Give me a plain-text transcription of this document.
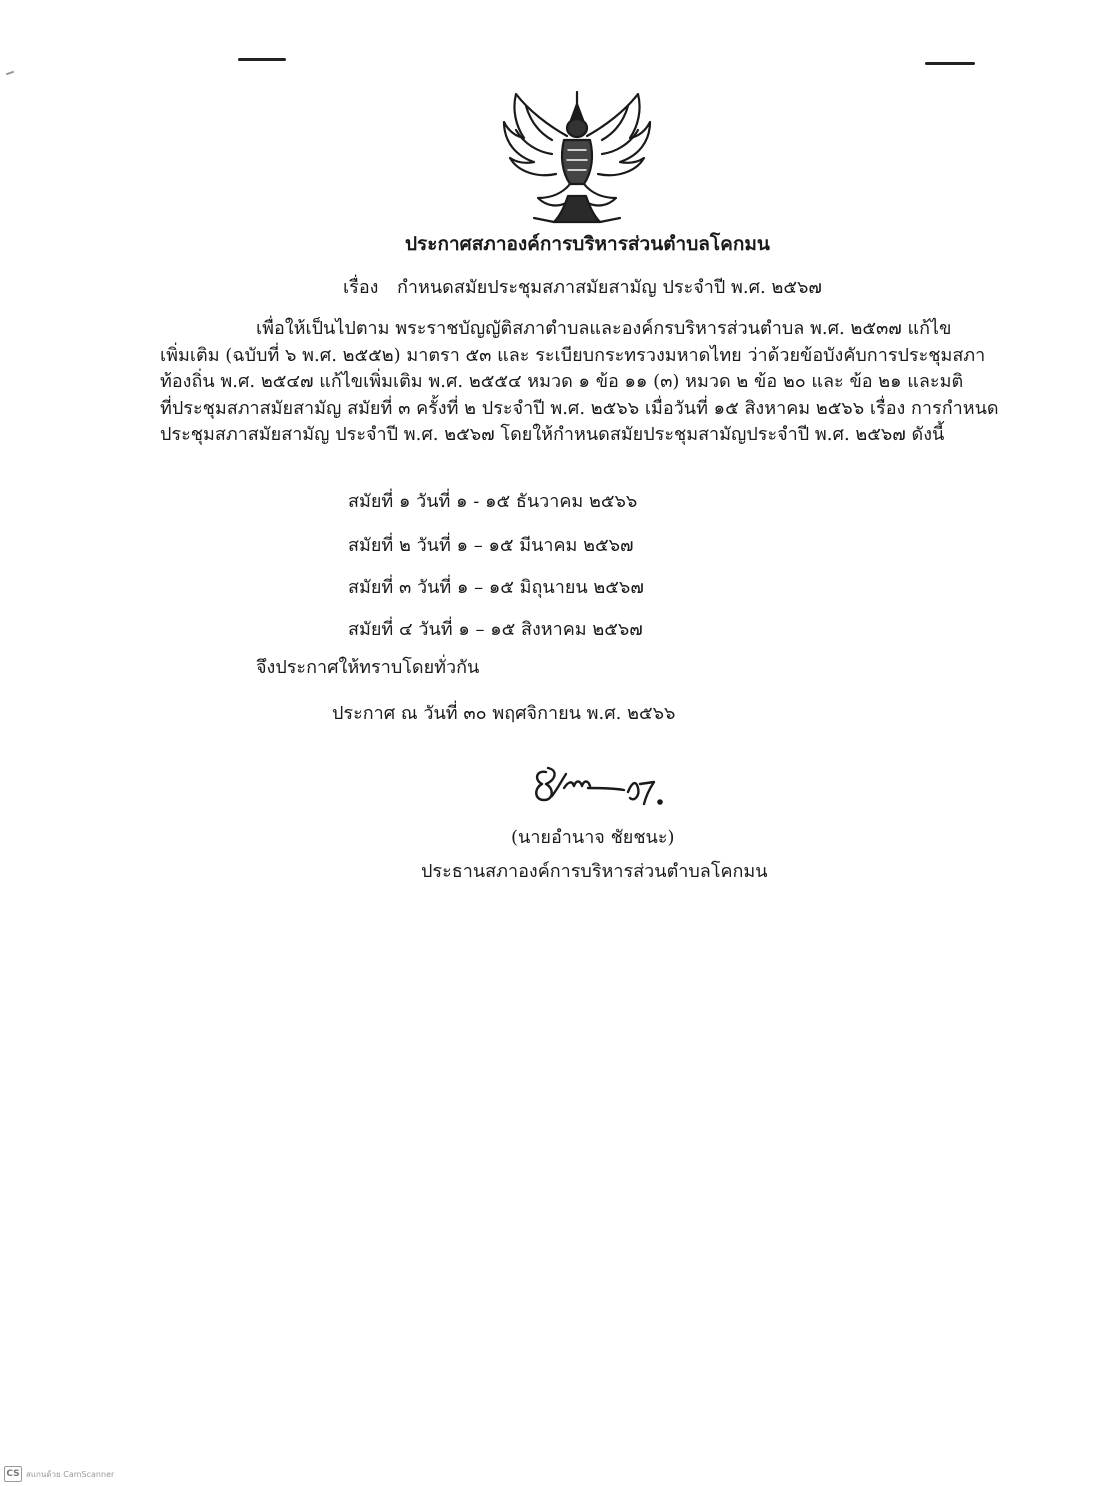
ประกาศสภาองค์การบริหารส่วนตำบลโคกมน
เรื่อง กำหนดสมัยประชุมสภาสมัยสามัญ ประจำปี พ.ศ. ๒๕๖๗
เพื่อให้เป็นไปตาม พระราชบัญญัติสภาตำบลและองค์กรบริหารส่วนตำบล พ.ศ. ๒๕๓๗ แก้ไข
เพิ่มเติม (ฉบับที่ ๖ พ.ศ. ๒๕๕๒) มาตรา ๕๓ และ ระเบียบกระทรวงมหาดไทย ว่าด้วยข้อบังคับการประชุมสภา
ท้องถิ่น พ.ศ. ๒๕๔๗ แก้ไขเพิ่มเติม พ.ศ. ๒๕๕๔ หมวด ๑ ข้อ ๑๑ (๓) หมวด ๒ ข้อ ๒๐ และ ข้อ ๒๑ และมติ
ที่ประชุมสภาสมัยสามัญ สมัยที่ ๓ ครั้งที่ ๒ ประจำปี พ.ศ. ๒๕๖๖ เมื่อวันที่ ๑๕ สิงหาคม ๒๕๖๖ เรื่อง การกำหนด
ประชุมสภาสมัยสามัญ ประจำปี พ.ศ. ๒๕๖๗ โดยให้กำหนดสมัยประชุมสามัญประจำปี พ.ศ. ๒๕๖๗ ดังนี้
สมัยที่ ๑ วันที่ ๑ - ๑๕ ธันวาคม ๒๕๖๖
สมัยที่ ๒ วันที่ ๑ – ๑๕ มีนาคม ๒๕๖๗
สมัยที่ ๓ วันที่ ๑ – ๑๕ มิถุนายน ๒๕๖๗
สมัยที่ ๔ วันที่ ๑ – ๑๕ สิงหาคม ๒๕๖๗
จึงประกาศให้ทราบโดยทั่วกัน
ประกาศ ณ วันที่ ๓๐ พฤศจิกายน พ.ศ. ๒๕๖๖
(นายอำนาจ ชัยชนะ)
ประธานสภาองค์การบริหารส่วนตำบลโคกมน
CS สแกนด้วย CamScanner
